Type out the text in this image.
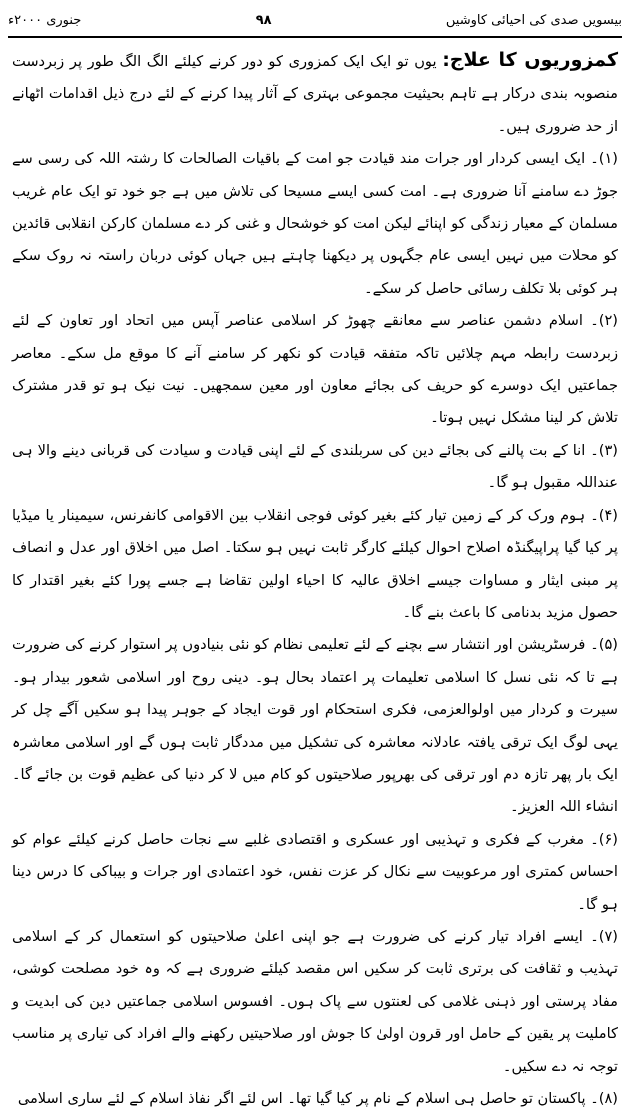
بیسویں صدی کی احیائی کاوشیں
۹۸
جنوری ۲۰۰۰ء

کمزوریوں کا علاج: یوں تو ایک ایک کمزوری کو دور کرنے کیلئے الگ الگ طور پر زبردست منصوبہ بندی درکار ہے تاہم بحیثیت مجموعی بہتری کے آثار پیدا کرنے کے لئے درج ذیل اقدامات اٹھانے از حد ضروری ہیں۔

(۱)۔ ایک ایسی کردار اور جرات مند قیادت جو امت کے باقیات الصالحات کا رشتہ اللہ کی رسی سے جوڑ دے سامنے آنا ضروری ہے۔ امت کسی ایسے مسیحا کی تلاش میں ہے جو خود تو ایک عام غریب مسلمان کے معیار زندگی کو اپنائے لیکن امت کو خوشحال و غنی کر دے مسلمان کارکن انقلابی قائدین کو محلات میں نہیں ایسی عام جگہوں پر دیکھنا چاہتے ہیں جہاں کوئی دربان راستہ نہ روک سکے ہر کوئی بلا تکلف رسائی حاصل کر سکے۔

(۲)۔ اسلام دشمن عناصر سے معانقے چھوڑ کر اسلامی عناصر آپس میں اتحاد اور تعاون کے لئے زبردست رابطہ مہم چلائیں تاکہ متفقہ قیادت کو نکھر کر سامنے آنے کا موقع مل سکے۔ معاصر جماعتیں ایک دوسرے کو حریف کی بجائے معاون اور معین سمجھیں۔ نیت نیک ہو تو قدر مشترک تلاش کر لینا مشکل نہیں ہوتا۔

(۳)۔ انا کے بت پالنے کی بجائے دین کی سربلندی کے لئے اپنی قیادت و سیادت کی قربانی دینے والا ہی عنداللہ مقبول ہو گا۔

(۴)۔ ہوم ورک کر کے زمین تیار کئے بغیر کوئی فوجی انقلاب بین الاقوامی کانفرنس، سیمینار یا میڈیا پر کیا گیا پراپیگنڈہ اصلاح احوال کیلئے کارگر ثابت نہیں ہو سکتا۔ اصل میں اخلاق اور عدل و انصاف پر مبنی ایثار و مساوات جیسے اخلاق عالیہ کا احیاء اولین تقاضا ہے جسے پورا کئے بغیر اقتدار کا حصول مزید بدنامی کا باعث بنے گا۔

(۵)۔ فرسٹریشن اور انتشار سے بچنے کے لئے تعلیمی نظام کو نئی بنیادوں پر استوار کرنے کی ضرورت ہے تا کہ نئی نسل کا اسلامی تعلیمات پر اعتماد بحال ہو۔ دینی روح اور اسلامی شعور بیدار ہو۔ سیرت و کردار میں اولوالعزمی، فکری استحکام اور قوت ایجاد کے جوہر پیدا ہو سکیں آگے چل کر یہی لوگ ایک ترقی یافتہ عادلانہ معاشرہ کی تشکیل میں مددگار ثابت ہوں گے اور اسلامی معاشرہ ایک بار پھر تازہ دم اور ترقی کی بھرپور صلاحیتوں کو کام میں لا کر دنیا کی عظیم قوت بن جائے گا۔ انشاء اللہ العزیز۔

(۶)۔ مغرب کے فکری و تہذیبی اور عسکری و اقتصادی غلبے سے نجات حاصل کرنے کیلئے عوام کو احساس کمتری اور مرعوبیت سے نکال کر عزت نفس، خود اعتمادی اور جرات و بیباکی کا درس دینا ہو گا۔

(۷)۔ ایسے افراد تیار کرنے کی ضرورت ہے جو اپنی اعلیٰ صلاحیتوں کو استعمال کر کے اسلامی تہذیب و ثقافت کی برتری ثابت کر سکیں اس مقصد کیلئے ضروری ہے کہ وہ خود مصلحت کوشی، مفاد پرستی اور ذہنی غلامی کی لعنتوں سے پاک ہوں۔ افسوس اسلامی جماعتیں دین کی ابدیت و کاملیت پر یقین کے حامل اور قرون اولیٰ کا جوش اور صلاحیتیں رکھنے والے افراد کی تیاری پر مناسب توجہ نہ دے سکیں۔

(۸)۔ پاکستان تو حاصل ہی اسلام کے نام پر کیا گیا تھا۔ اس لئے اگر نفاذ اسلام کے لئے ساری اسلامی
